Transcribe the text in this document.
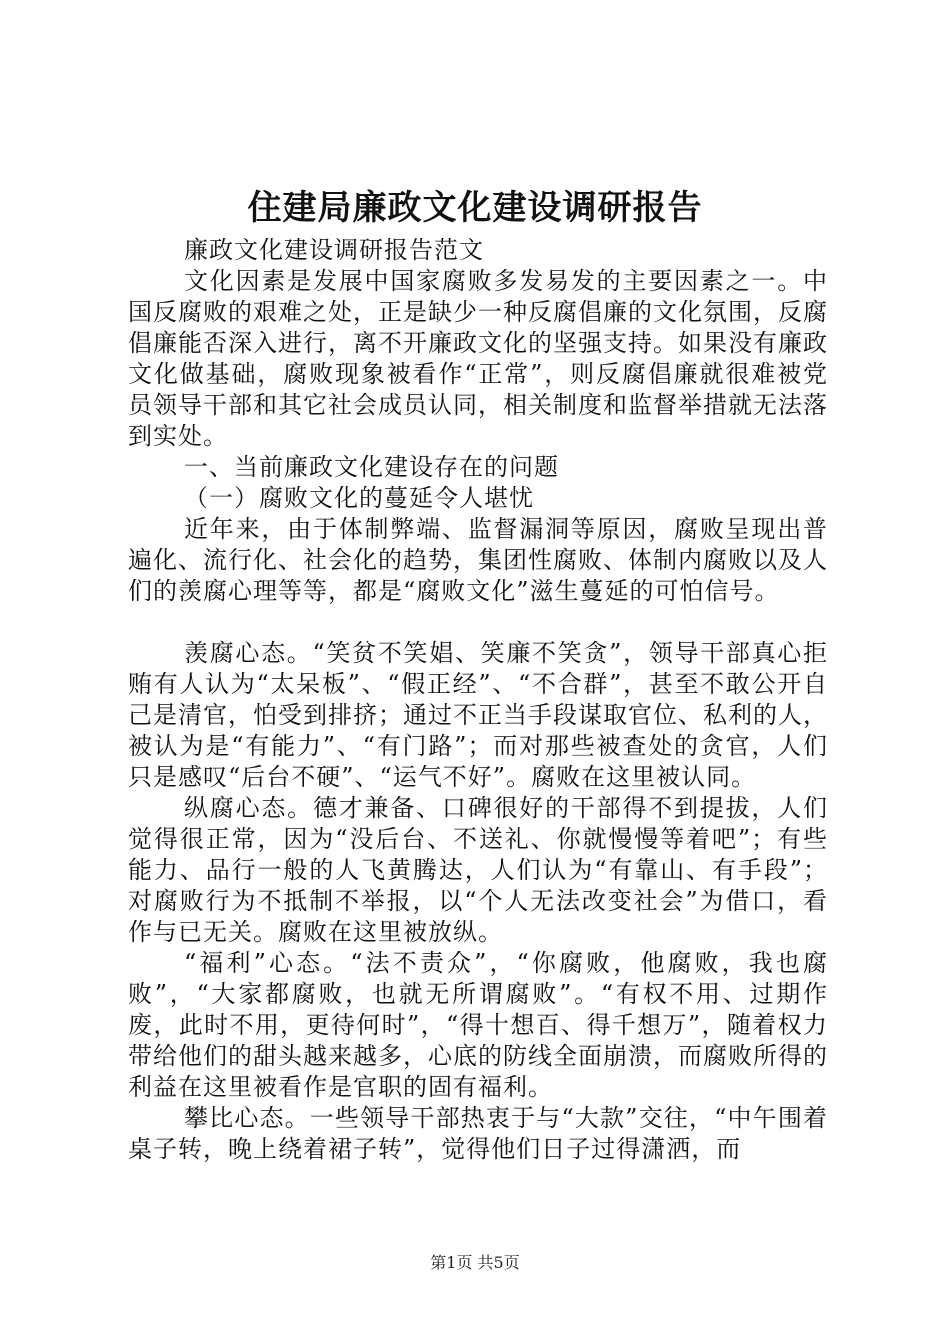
住建局廉政文化建设调研报告

廉政文化建设调研报告范文

文化因素是发展中国家腐败多发易发的主要因素之一。中国反腐败的艰难之处，正是缺少一种反腐倡廉的文化氛围，反腐倡廉能否深入进行，离不开廉政文化的坚强支持。如果没有廉政文化做基础，腐败现象被看作“正常”，则反腐倡廉就很难被党员领导干部和其它社会成员认同，相关制度和监督举措就无法落到实处。

一、当前廉政文化建设存在的问题

（一）腐败文化的蔓延令人堪忧

近年来，由于体制弊端、监督漏洞等原因，腐败呈现出普遍化、流行化、社会化的趋势，集团性腐败、体制内腐败以及人们的羡腐心理等等，都是“腐败文化”滋生蔓延的可怕信号。

羡腐心态。“笑贫不笑娼、笑廉不笑贪”，领导干部真心拒贿有人认为“太呆板”、“假正经”、“不合群”，甚至不敢公开自己是清官，怕受到排挤；通过不正当手段谋取官位、私利的人，被认为是“有能力”、“有门路”；而对那些被查处的贪官，人们只是感叹“后台不硬”、“运气不好”。腐败在这里被认同。

纵腐心态。德才兼备、口碑很好的干部得不到提拔，人们觉得很正常，因为“没后台、不送礼、你就慢慢等着吧”；有些能力、品行一般的人飞黄腾达，人们认为“有靠山、有手段”；对腐败行为不抵制不举报，以“个人无法改变社会”为借口，看作与已无关。腐败在这里被放纵。

“福利”心态。“法不责众”，“你腐败，他腐败，我也腐败”，“大家都腐败，也就无所谓腐败”。“有权不用、过期作废，此时不用，更待何时”，“得十想百、得千想万”，随着权力带给他们的甜头越来越多，心底的防线全面崩溃，而腐败所得的利益在这里被看作是官职的固有福利。

攀比心态。一些领导干部热衷于与“大款”交往，“中午围着桌子转，晚上绕着裙子转”，觉得他们日子过得潇洒，而

第1页 共5页
